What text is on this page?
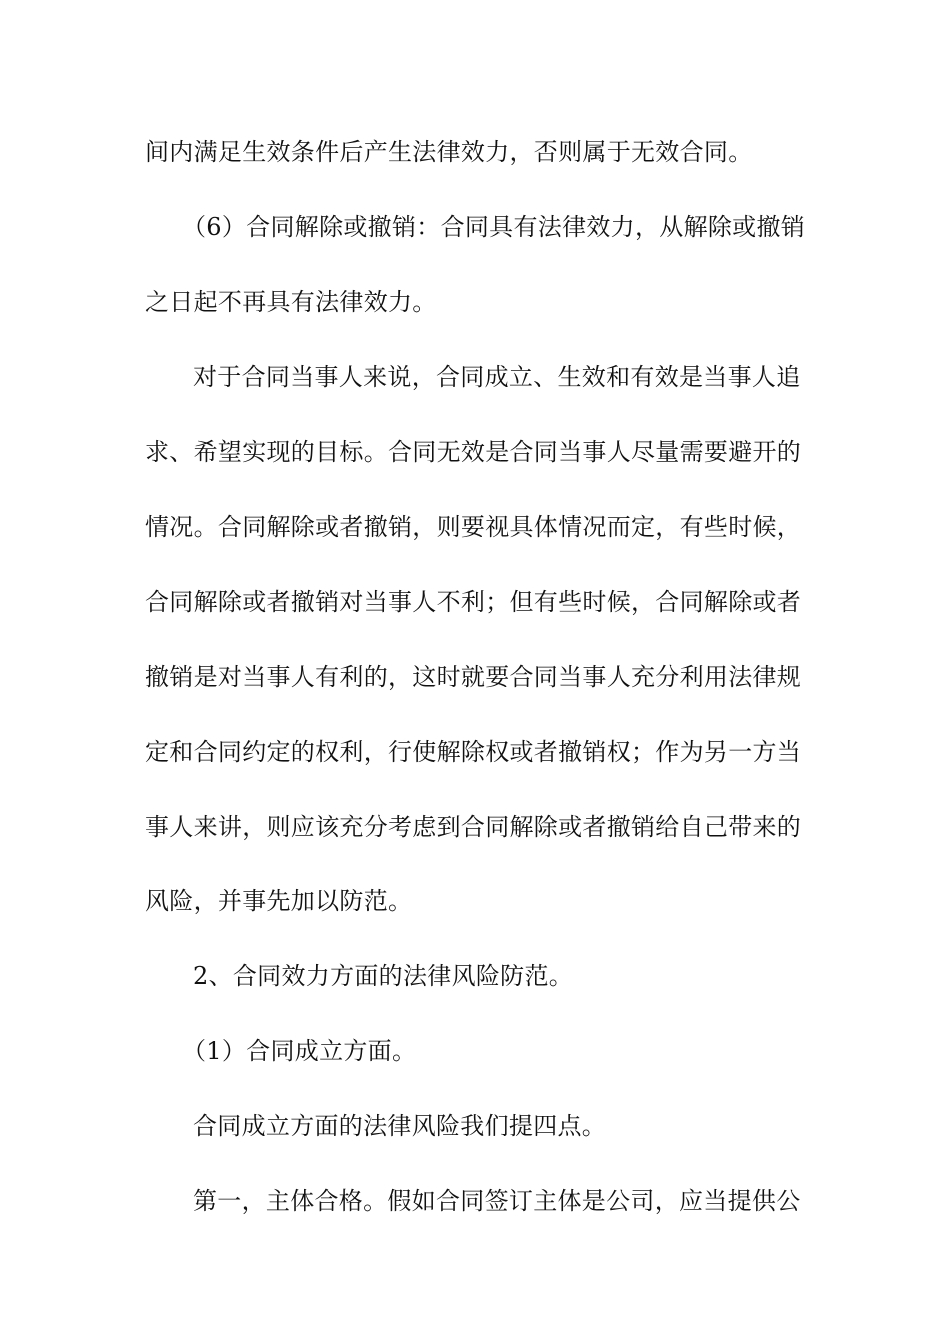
间内满足生效条件后产生法律效力，否则属于无效合同。
（6）合同解除或撤销：合同具有法律效力，从解除或撤销
之日起不再具有法律效力。
对于合同当事人来说，合同成立、生效和有效是当事人追
求、希望实现的目标。合同无效是合同当事人尽量需要避开的
情况。合同解除或者撤销，则要视具体情况而定，有些时候，
合同解除或者撤销对当事人不利；但有些时候，合同解除或者
撤销是对当事人有利的，这时就要合同当事人充分利用法律规
定和合同约定的权利，行使解除权或者撤销权；作为另一方当
事人来讲，则应该充分考虑到合同解除或者撤销给自己带来的
风险，并事先加以防范。
2、合同效力方面的法律风险防范。
（1）合同成立方面。
合同成立方面的法律风险我们提四点。
第一，主体合格。假如合同签订主体是公司，应当提供公
